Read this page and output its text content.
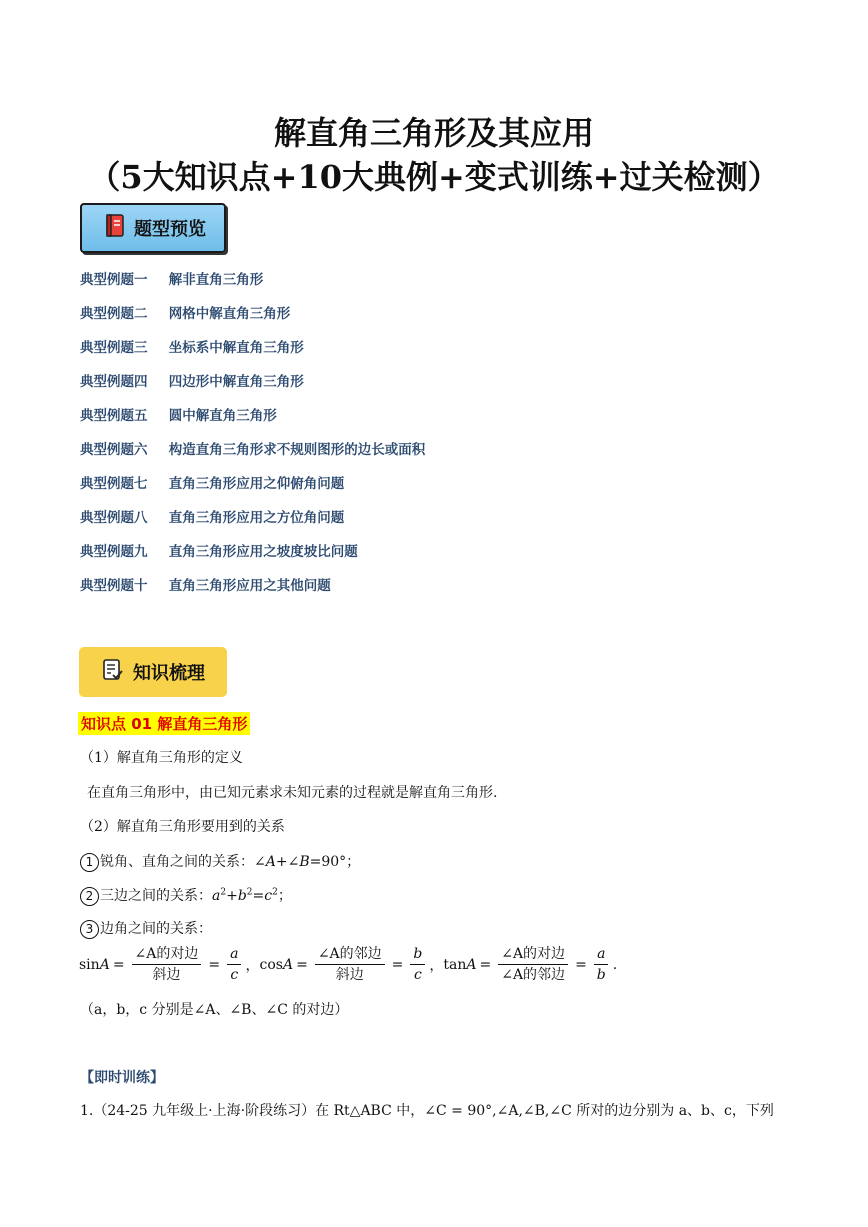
解直角三角形及其应用
（5大知识点+10大典例+变式训练+过关检测）
题型预览
典型例题一 解非直角三角形
典型例题二 网格中解直角三角形
典型例题三 坐标系中解直角三角形
典型例题四 四边形中解直角三角形
典型例题五 圆中解直角三角形
典型例题六 构造直角三角形求不规则图形的边长或面积
典型例题七 直角三角形应用之仰俯角问题
典型例题八 直角三角形应用之方位角问题
典型例题九 直角三角形应用之坡度坡比问题
典型例题十 直角三角形应用之其他问题
知识梳理
知识点 01 解直角三角形
（1）解直角三角形的定义
在直角三角形中，由已知元素求未知元素的过程就是解直角三角形.
（2）解直角三角形要用到的关系
1 锐角、直角之间的关系：∠A+∠B=90°；
2 三边之间的关系：$a^2+b^2=c^2$；
3 边角之间的关系：
$\sin A = \frac{\text{∠A的对边}}{\text{斜边}} = \frac{a}{c}$ ， $\cos A = \frac{\text{∠A的邻边}}{\text{斜边}} = \frac{b}{c}$ ， $\tan A = \frac{\text{∠A的对边}}{\text{∠A的邻边}} = \frac{a}{b}$ .
（a，b，c 分别是∠A、∠B、∠C 的对边）
【即时训练】
1.（24-25 九年级上·上海·阶段练习）在 Rt△ABC 中，∠C = 90°,∠A,∠B,∠C 所对的边分别为 a、b、c，下列
